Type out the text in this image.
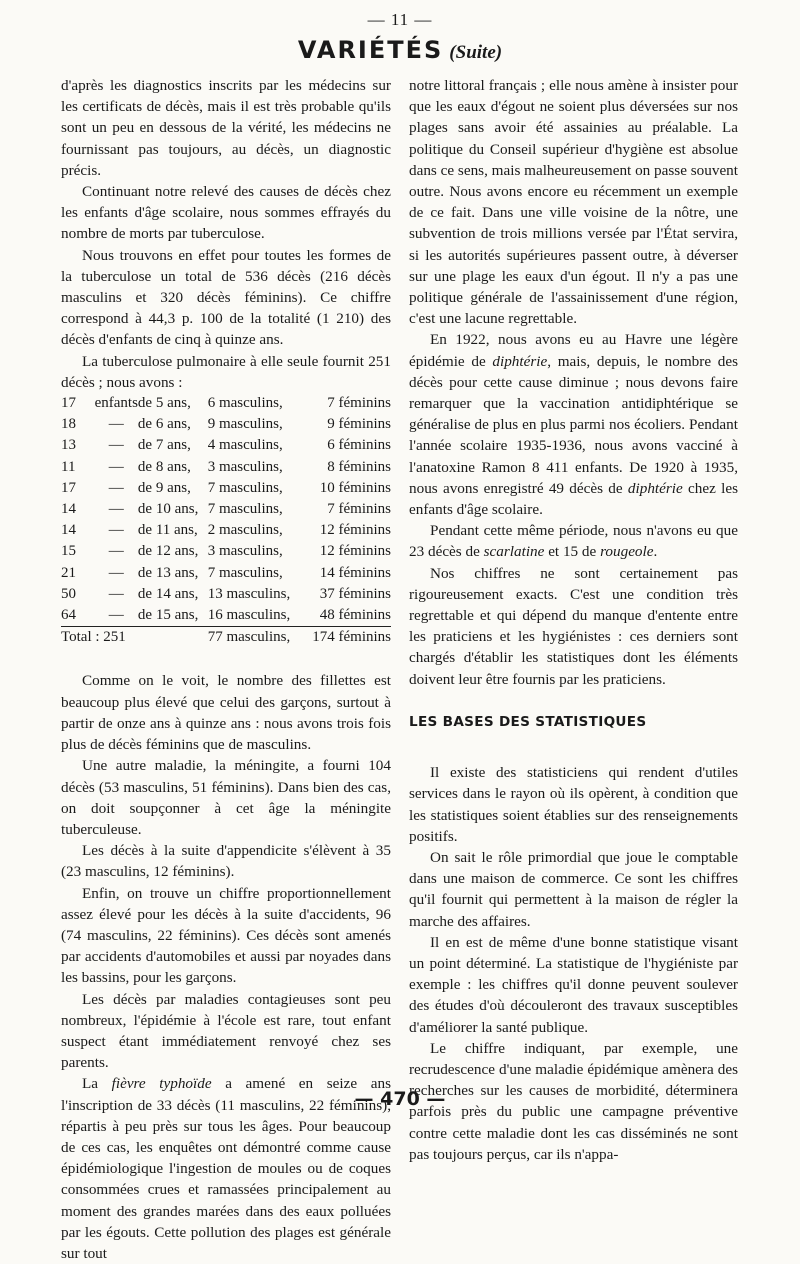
— 11 —
VARIÉTÉS (Suite)

d'après les diagnostics inscrits par les médecins sur les certificats de décès, mais il est très probable qu'ils sont un peu en dessous de la vérité, les médecins ne fournissant pas toujours, au décès, un diagnostic précis.

Continuant notre relevé des causes de décès chez les enfants d'âge scolaire, nous sommes effrayés du nombre de morts par tuberculose.

Nous trouvons en effet pour toutes les formes de la tuberculose un total de 536 décès (216 décès masculins et 320 décès féminins). Ce chiffre correspond à 44,3 p. 100 de la totalité (1 210) des décès d'enfants de cinq à quinze ans.

La tuberculose pulmonaire à elle seule fournit 251 décès ; nous avons :

17	enfants	de 5 ans,	6 masculins,	7 féminins
18	—	de 6 ans,	9 masculins,	9 féminins
13	—	de 7 ans,	4 masculins,	6 féminins
11	—	de 8 ans,	3 masculins,	8 féminins
17	—	de 9 ans,	7 masculins,	10 féminins
14	—	de 10 ans,	7 masculins,	7 féminins
14	—	de 11 ans,	2 masculins,	12 féminins
15	—	de 12 ans,	3 masculins,	12 féminins
21	—	de 13 ans,	7 masculins,	14 féminins
50	—	de 14 ans,	13 masculins,	37 féminins
64	—	de 15 ans,	16 masculins,	48 féminins
Total : 251			77 masculins,	174 féminins

Comme on le voit, le nombre des fillettes est beaucoup plus élevé que celui des garçons, surtout à partir de onze ans à quinze ans : nous avons trois fois plus de décès féminins que de masculins.

Une autre maladie, la méningite, a fourni 104 décès (53 masculins, 51 féminins). Dans bien des cas, on doit soupçonner à cet âge la méningite tuberculeuse.

Les décès à la suite d'appendicite s'élèvent à 35 (23 masculins, 12 féminins).

Enfin, on trouve un chiffre proportionnellement assez élevé pour les décès à la suite d'accidents, 96 (74 masculins, 22 féminins). Ces décès sont amenés par accidents d'automobiles et aussi par noyades dans les bassins, pour les garçons.

Les décès par maladies contagieuses sont peu nombreux, l'épidémie à l'école est rare, tout enfant suspect étant immédiatement renvoyé chez ses parents.

La fièvre typhoïde a amené en seize ans l'inscription de 33 décès (11 masculins, 22 féminins), répartis à peu près sur tous les âges. Pour beaucoup de ces cas, les enquêtes ont démontré comme cause épidémiologique l'ingestion de moules ou de coques consommées crues et ramassées principalement au moment des grandes marées dans des eaux polluées par les égouts. Cette pollution des plages est générale sur tout

notre littoral français ; elle nous amène à insister pour que les eaux d'égout ne soient plus déversées sur nos plages sans avoir été assainies au préalable. La politique du Conseil supérieur d'hygiène est absolue dans ce sens, mais malheureusement on passe souvent outre. Nous avons encore eu récemment un exemple de ce fait. Dans une ville voisine de la nôtre, une subvention de trois millions versée par l'État servira, si les autorités supérieures passent outre, à déverser sur une plage les eaux d'un égout. Il n'y a pas une politique générale de l'assainissement d'une région, c'est une lacune regrettable.

En 1922, nous avons eu au Havre une légère épidémie de diphtérie, mais, depuis, le nombre des décès pour cette cause diminue ; nous devons faire remarquer que la vaccination antidiphtérique se généralise de plus en plus parmi nos écoliers. Pendant l'année scolaire 1935-1936, nous avons vacciné à l'anatoxine Ramon 8 411 enfants. De 1920 à 1935, nous avons enregistré 49 décès de diphtérie chez les enfants d'âge scolaire.

Pendant cette même période, nous n'avons eu que 23 décès de scarlatine et 15 de rougeole.

Nos chiffres ne sont certainement pas rigoureusement exacts. C'est une condition très regrettable et qui dépend du manque d'entente entre les praticiens et les hygiénistes : ces derniers sont chargés d'établir les statistiques dont les éléments doivent leur être fournis par les praticiens.

LES BASES DES STATISTIQUES

Il existe des statisticiens qui rendent d'utiles services dans le rayon où ils opèrent, à condition que les statistiques soient établies sur des renseignements positifs.

On sait le rôle primordial que joue le comptable dans une maison de commerce. Ce sont les chiffres qu'il fournit qui permettent à la maison de régler la marche des affaires.

Il en est de même d'une bonne statistique visant un point déterminé. La statistique de l'hygiéniste par exemple : les chiffres qu'il donne peuvent soulever des études d'où découleront des travaux susceptibles d'améliorer la santé publique.

Le chiffre indiquant, par exemple, une recrudescence d'une maladie épidémique amènera des recherches sur les causes de morbidité, déterminera parfois près du public une campagne préventive contre cette maladie dont les cas disséminés ne sont pas toujours perçus, car ils n'appa-

— 470 —
